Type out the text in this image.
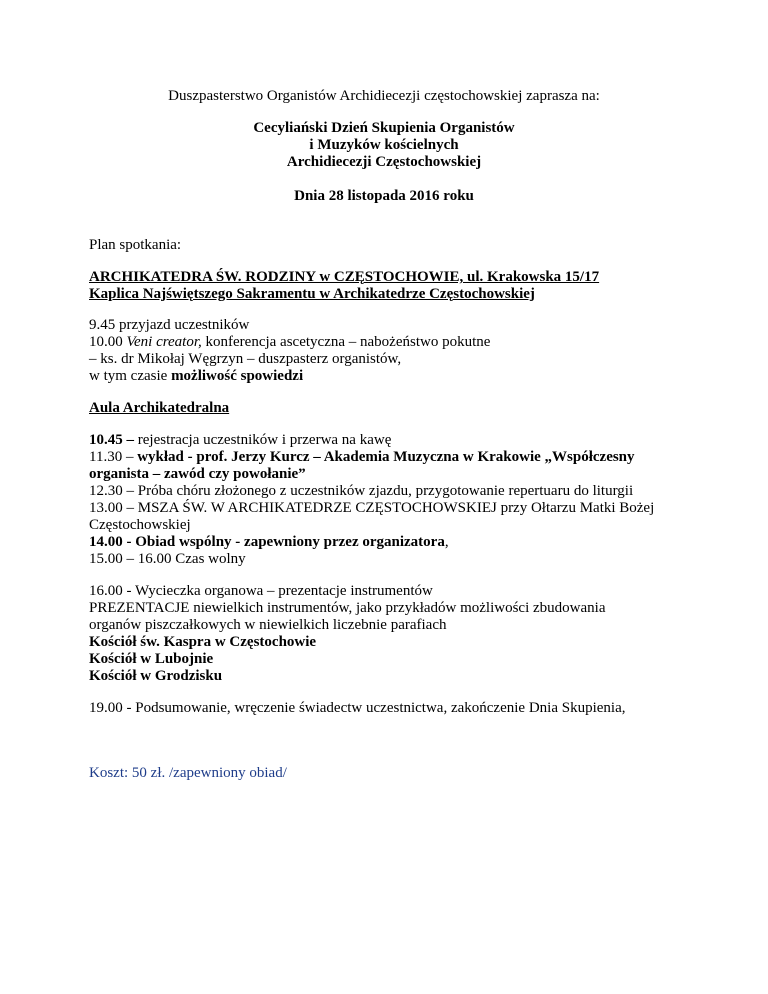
Duszpasterstwo Organistów Archidiecezji częstochowskiej zaprasza na:
Cecyliański Dzień Skupienia Organistów
i Muzyków kościelnych
Archidiecezji Częstochowskiej
Dnia 28 listopada 2016 roku
Plan spotkania:
ARCHIKATEDRA ŚW. RODZINY w CZĘSTOCHOWIE, ul. Krakowska 15/17
Kaplica Najświętszego Sakramentu w Archikatedrze Częstochowskiej
9.45 przyjazd uczestników
10.00 Veni creator, konferencja ascetyczna – nabożeństwo pokutne
– ks. dr Mikołaj Węgrzyn – duszpasterz organistów,
w tym czasie możliwość spowiedzi
Aula Archikatedralna
10.45 – rejestracja uczestników i przerwa na kawę
11.30 – wykład - prof. Jerzy Kurcz – Akademia Muzyczna w Krakowie „Współczesny
organista – zawód czy powołanie”
12.30 – Próba chóru złożonego z uczestników zjazdu, przygotowanie repertuaru do liturgii
13.00 – MSZA ŚW. W ARCHIKATEDRZE CZĘSTOCHOWSKIEJ przy Ołtarzu Matki Bożej
Częstochowskiej
14.00 - Obiad wspólny - zapewniony przez organizatora,
15.00 – 16.00 Czas wolny
16.00 - Wycieczka organowa – prezentacje instrumentów
PREZENTACJE niewielkich instrumentów, jako przykładów możliwości zbudowania
organów piszczałkowych w niewielkich liczebnie parafiach
Kościół św. Kaspra w Częstochowie
Kościół w Lubojnie
Kościół w Grodzisku
19.00 - Podsumowanie, wręczenie świadectw uczestnictwa, zakończenie Dnia Skupienia,
Koszt: 50 zł. /zapewniony obiad/
